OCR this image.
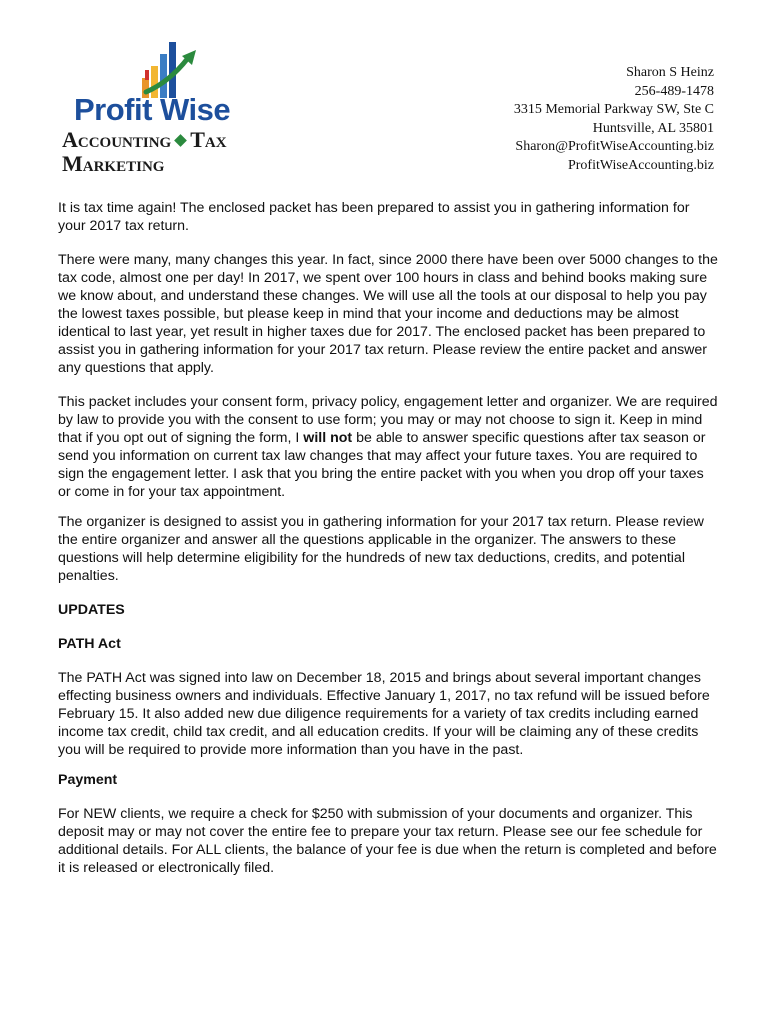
Profit Wise
Accounting Tax
Marketing
Sharon S Heinz
256-489-1478
3315 Memorial Parkway SW, Ste C
Huntsville, AL 35801
Sharon@ProfitWiseAccounting.biz
ProfitWiseAccounting.biz

It is tax time again! The enclosed packet has been prepared to assist you in gathering information for your 2017 tax return.

There were many, many changes this year. In fact, since 2000 there have been over 5000 changes to the tax code, almost one per day! In 2017, we spent over 100 hours in class and behind books making sure we know about, and understand these changes. We will use all the tools at our disposal to help you pay the lowest taxes possible, but please keep in mind that your income and deductions may be almost identical to last year, yet result in higher taxes due for 2017. The enclosed packet has been prepared to assist you in gathering information for your 2017 tax return. Please review the entire packet and answer any questions that apply.

This packet includes your consent form, privacy policy, engagement letter and organizer. We are required by law to provide you with the consent to use form; you may or may not choose to sign it. Keep in mind that if you opt out of signing the form, I will not be able to answer specific questions after tax season or send you information on current tax law changes that may affect your future taxes. You are required to sign the engagement letter. I ask that you bring the entire packet with you when you drop off your taxes or come in for your tax appointment.

The organizer is designed to assist you in gathering information for your 2017 tax return. Please review the entire organizer and answer all the questions applicable in the organizer. The answers to these questions will help determine eligibility for the hundreds of new tax deductions, credits, and potential penalties.

UPDATES
PATH Act

The PATH Act was signed into law on December 18, 2015 and brings about several important changes effecting business owners and individuals. Effective January 1, 2017, no tax refund will be issued before February 15. It also added new due diligence requirements for a variety of tax credits including earned income tax credit, child tax credit, and all education credits. If your will be claiming any of these credits you will be required to provide more information than you have in the past.

Payment

For NEW clients, we require a check for $250 with submission of your documents and organizer. This deposit may or may not cover the entire fee to prepare your tax return. Please see our fee schedule for additional details. For ALL clients, the balance of your fee is due when the return is completed and before it is released or electronically filed.
